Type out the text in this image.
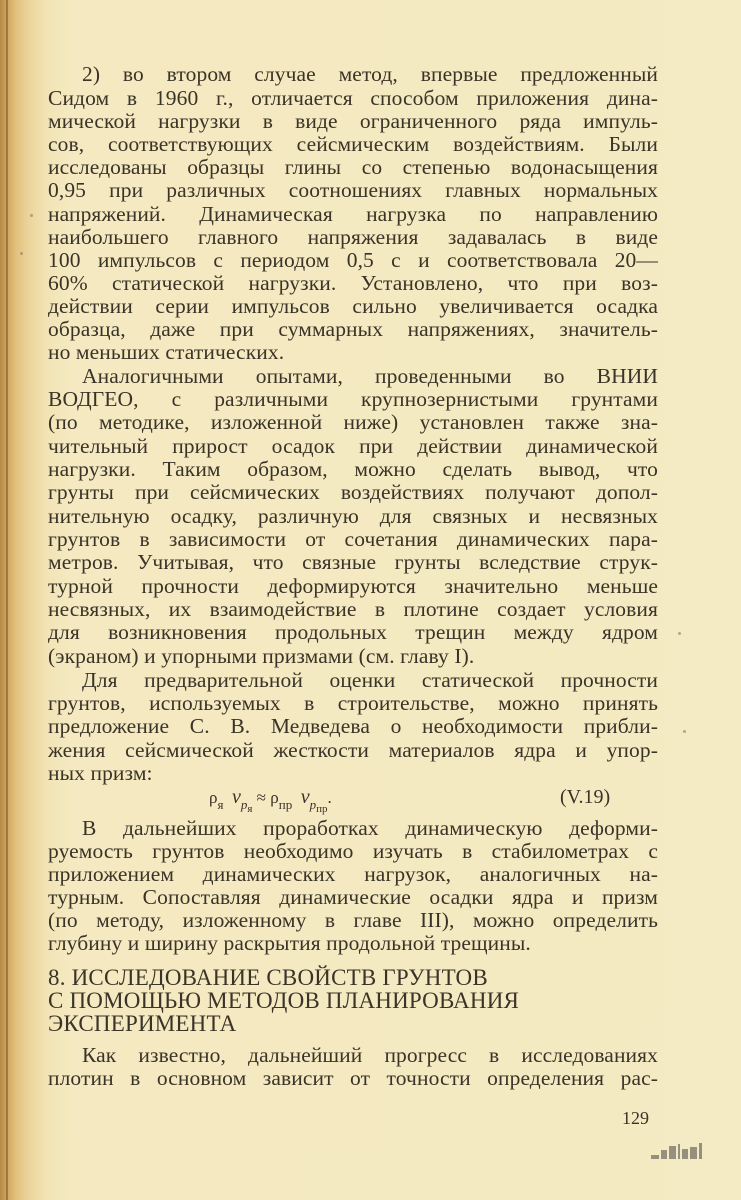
2) во втором случае метод, впервые предложенный
Сидом в 1960 г., отличается способом приложения дина-
мической нагрузки в виде ограниченного ряда импуль-
сов, соответствующих сейсмическим воздействиям. Были
исследованы образцы глины со степенью водонасыщения
0,95 при различных соотношениях главных нормальных
напряжений. Динамическая нагрузка по направлению
наибольшего главного напряжения задавалась в виде
100 импульсов с периодом 0,5 с и соответствовала 20—
60% статической нагрузки. Установлено, что при воз-
действии серии импульсов сильно увеличивается осадка
образца, даже при суммарных напряжениях, значитель-
но меньших статических.
Аналогичными опытами, проведенными во ВНИИ
ВОДГЕО, с различными крупнозернистыми грунтами
(по методике, изложенной ниже) установлен также зна-
чительный прирост осадок при действии динамической
нагрузки. Таким образом, можно сделать вывод, что
грунты при сейсмических воздействиях получают допол-
нительную осадку, различную для связных и несвязных
грунтов в зависимости от сочетания динамических пара-
метров. Учитывая, что связные грунты вследствие струк-
турной прочности деформируются значительно меньше
несвязных, их взаимодействие в плотине создает условия
для возникновения продольных трещин между ядром
(экраном) и упорными призмами (см. главу I).
Для предварительной оценки статической прочности
грунтов, используемых в строительстве, можно принять
предложение С. В. Медведева о необходимости прибли-
жения сейсмической жесткости материалов ядра и упор-
ных призм:
В дальнейших проработках динамическую деформи-
руемость грунтов необходимо изучать в стабилометрах с
приложением динамических нагрузок, аналогичных на-
турным. Сопоставляя динамические осадки ядра и призм
(по методу, изложенному в главе III), можно определить
глубину и ширину раскрытия продольной трещины.
8. ИССЛЕДОВАНИЕ СВОЙСТВ ГРУНТОВ
С ПОМОЩЬЮ МЕТОДОВ ПЛАНИРОВАНИЯ
ЭКСПЕРИМЕНТА
Как известно, дальнейший прогресс в исследованиях
плотин в основном зависит от точности определения рас-
$\rho_я$ $v_{p_я} \approx \rho_{пр}$ $v_{p_{пр}}$.	(V.19)
129
